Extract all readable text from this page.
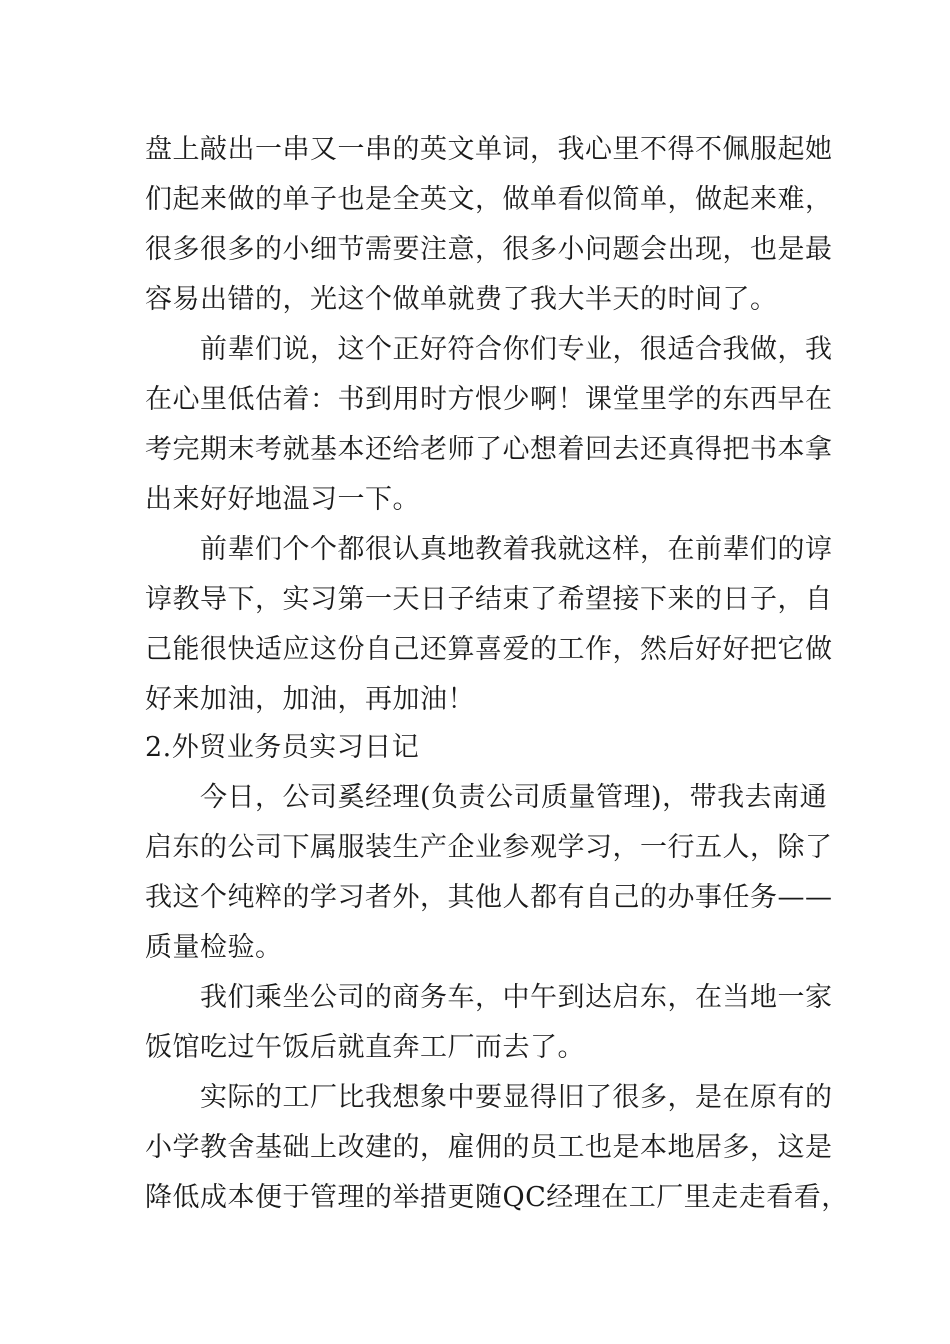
盘上敲出一串又一串的英文单词，我心里不得不佩服起她
们起来做的单子也是全英文，做单看似简单，做起来难，
很多很多的小细节需要注意，很多小问题会出现，也是最
容易出错的，光这个做单就费了我大半天的时间了。
前辈们说，这个正好符合你们专业，很适合我做，我
在心里低估着：书到用时方恨少啊！课堂里学的东西早在
考完期末考就基本还给老师了心想着回去还真得把书本拿
出来好好地温习一下。
前辈们个个都很认真地教着我就这样，在前辈们的谆
谆教导下，实习第一天日子结束了希望接下来的日子，自
己能很快适应这份自己还算喜爱的工作，然后好好把它做
好来加油，加油，再加油！
2.外贸业务员实习日记
今日，公司奚经理(负责公司质量管理)，带我去南通
启东的公司下属服装生产企业参观学习，一行五人，除了
我这个纯粹的学习者外，其他人都有自己的办事任务——
质量检验。
我们乘坐公司的商务车，中午到达启东，在当地一家
饭馆吃过午饭后就直奔工厂而去了。
实际的工厂比我想象中要显得旧了很多，是在原有的
小学教舍基础上改建的，雇佣的员工也是本地居多，这是
降低成本便于管理的举措更随QC经理在工厂里走走看看，
